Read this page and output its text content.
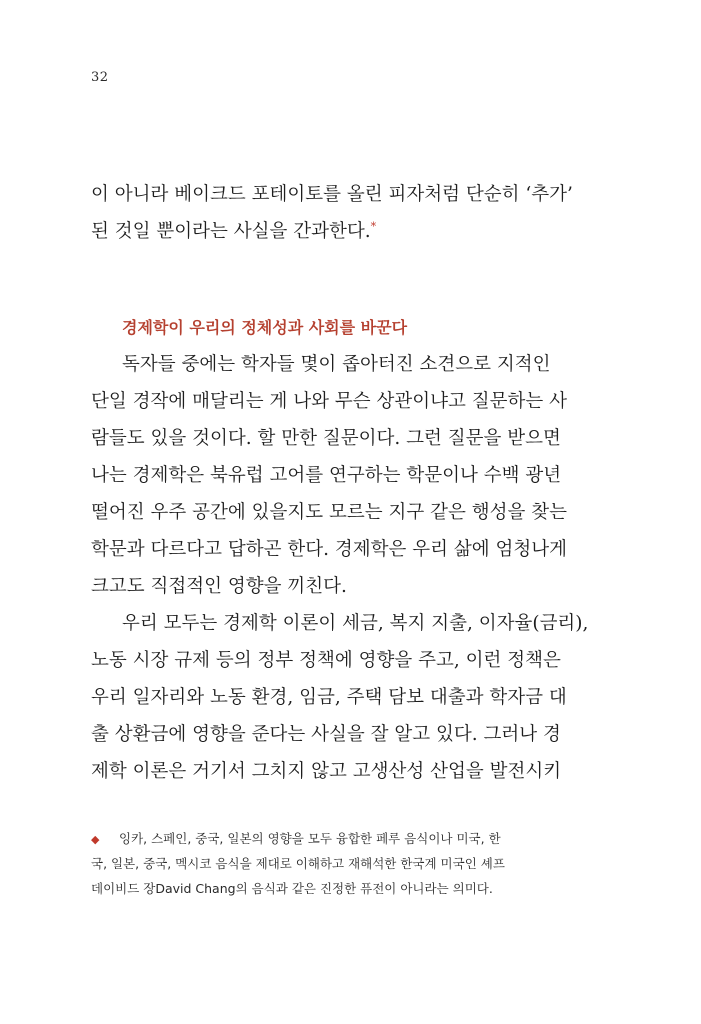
32
이 아니라 베이크드 포테이토를 올린 피자처럼 단순히 ‘추가’
된 것일 뿐이라는 사실을 간과한다.*
경제학이 우리의 정체성과 사회를 바꾼다
독자들 중에는 학자들 몇이 좁아터진 소견으로 지적인
단일 경작에 매달리는 게 나와 무슨 상관이냐고 질문하는 사
람들도 있을 것이다. 할 만한 질문이다. 그런 질문을 받으면
나는 경제학은 북유럽 고어를 연구하는 학문이나 수백 광년
떨어진 우주 공간에 있을지도 모르는 지구 같은 행성을 찾는
학문과 다르다고 답하곤 한다. 경제학은 우리 삶에 엄청나게
크고도 직접적인 영향을 끼친다.
우리 모두는 경제학 이론이 세금, 복지 지출, 이자율(금리),
노동 시장 규제 등의 정부 정책에 영향을 주고, 이런 정책은
우리 일자리와 노동 환경, 임금, 주택 담보 대출과 학자금 대
출 상환금에 영향을 준다는 사실을 잘 알고 있다. 그러나 경
제학 이론은 거기서 그치지 않고 고생산성 산업을 발전시키
◆ 잉카, 스페인, 중국, 일본의 영향을 모두 융합한 페루 음식이나 미국, 한
국, 일본, 중국, 멕시코 음식을 제대로 이해하고 재해석한 한국계 미국인 셰프
데이비드 장David Chang의 음식과 같은 진정한 퓨전이 아니라는 의미다.
